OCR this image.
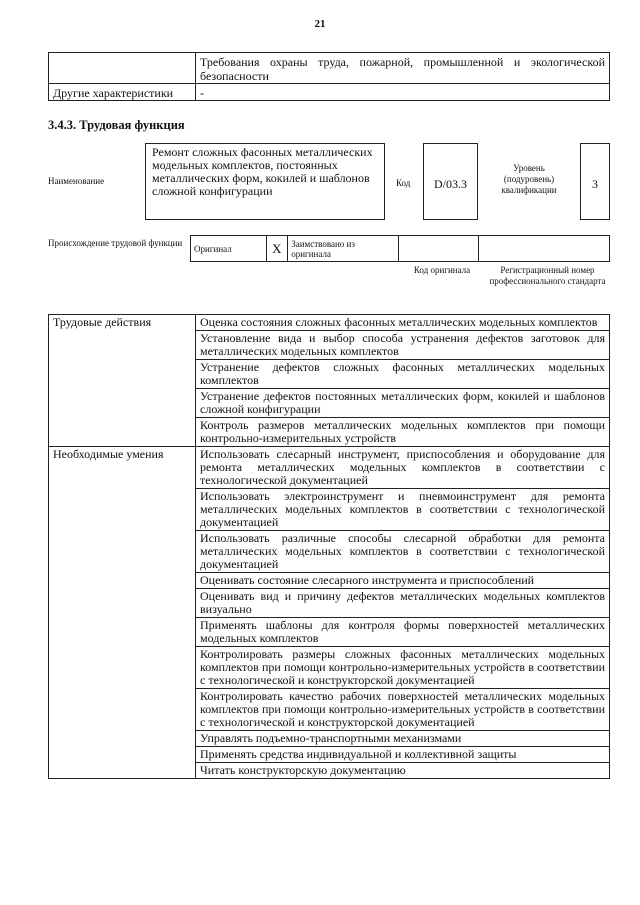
21
	Требования охраны труда, пожарной, промышленной и экологической безопасности
Другие характеристики	-
3.4.3. Трудовая функция
Наименование
Ремонт сложных фасонных металлических модельных комплектов, постоянных металлических форм, кокилей и шаблонов сложной конфигурации
Код	D/03.3
Уровень (подуровень) квалификации	3
Происхождение трудовой функции
Оригинал	X	Заимствовано из оригинала		
Код оригинала	Регистрационный номер профессионального стандарта
Трудовые действия	Оценка состояния сложных фасонных металлических модельных комплектов
	Установление вида и выбор способа устранения дефектов заготовок для металлических модельных комплектов
	Устранение дефектов сложных фасонных металлических модельных комплектов
	Устранение дефектов постоянных металлических форм, кокилей и шаблонов сложной конфигурации
	Контроль размеров металлических модельных комплектов при помощи контрольно-измерительных устройств
Необходимые умения	Использовать слесарный инструмент, приспособления и оборудование для ремонта металлических модельных комплектов в соответствии с технологической документацией
	Использовать электроинструмент и пневмоинструмент для ремонта металлических модельных комплектов в соответствии с технологической документацией
	Использовать различные способы слесарной обработки для ремонта металлических модельных комплектов в соответствии с технологической документацией
	Оценивать состояние слесарного инструмента и приспособлений
	Оценивать вид и причину дефектов металлических модельных комплектов визуально
	Применять шаблоны для контроля формы поверхностей металлических модельных комплектов
	Контролировать размеры сложных фасонных металлических модельных комплектов при помощи контрольно-измерительных устройств в соответствии с технологической и конструкторской документацией
	Контролировать качество рабочих поверхностей металлических модельных комплектов при помощи контрольно-измерительных устройств в соответствии с технологической и конструкторской документацией
	Управлять подъемно-транспортными механизмами
	Применять средства индивидуальной и коллективной защиты
	Читать конструкторскую документацию
